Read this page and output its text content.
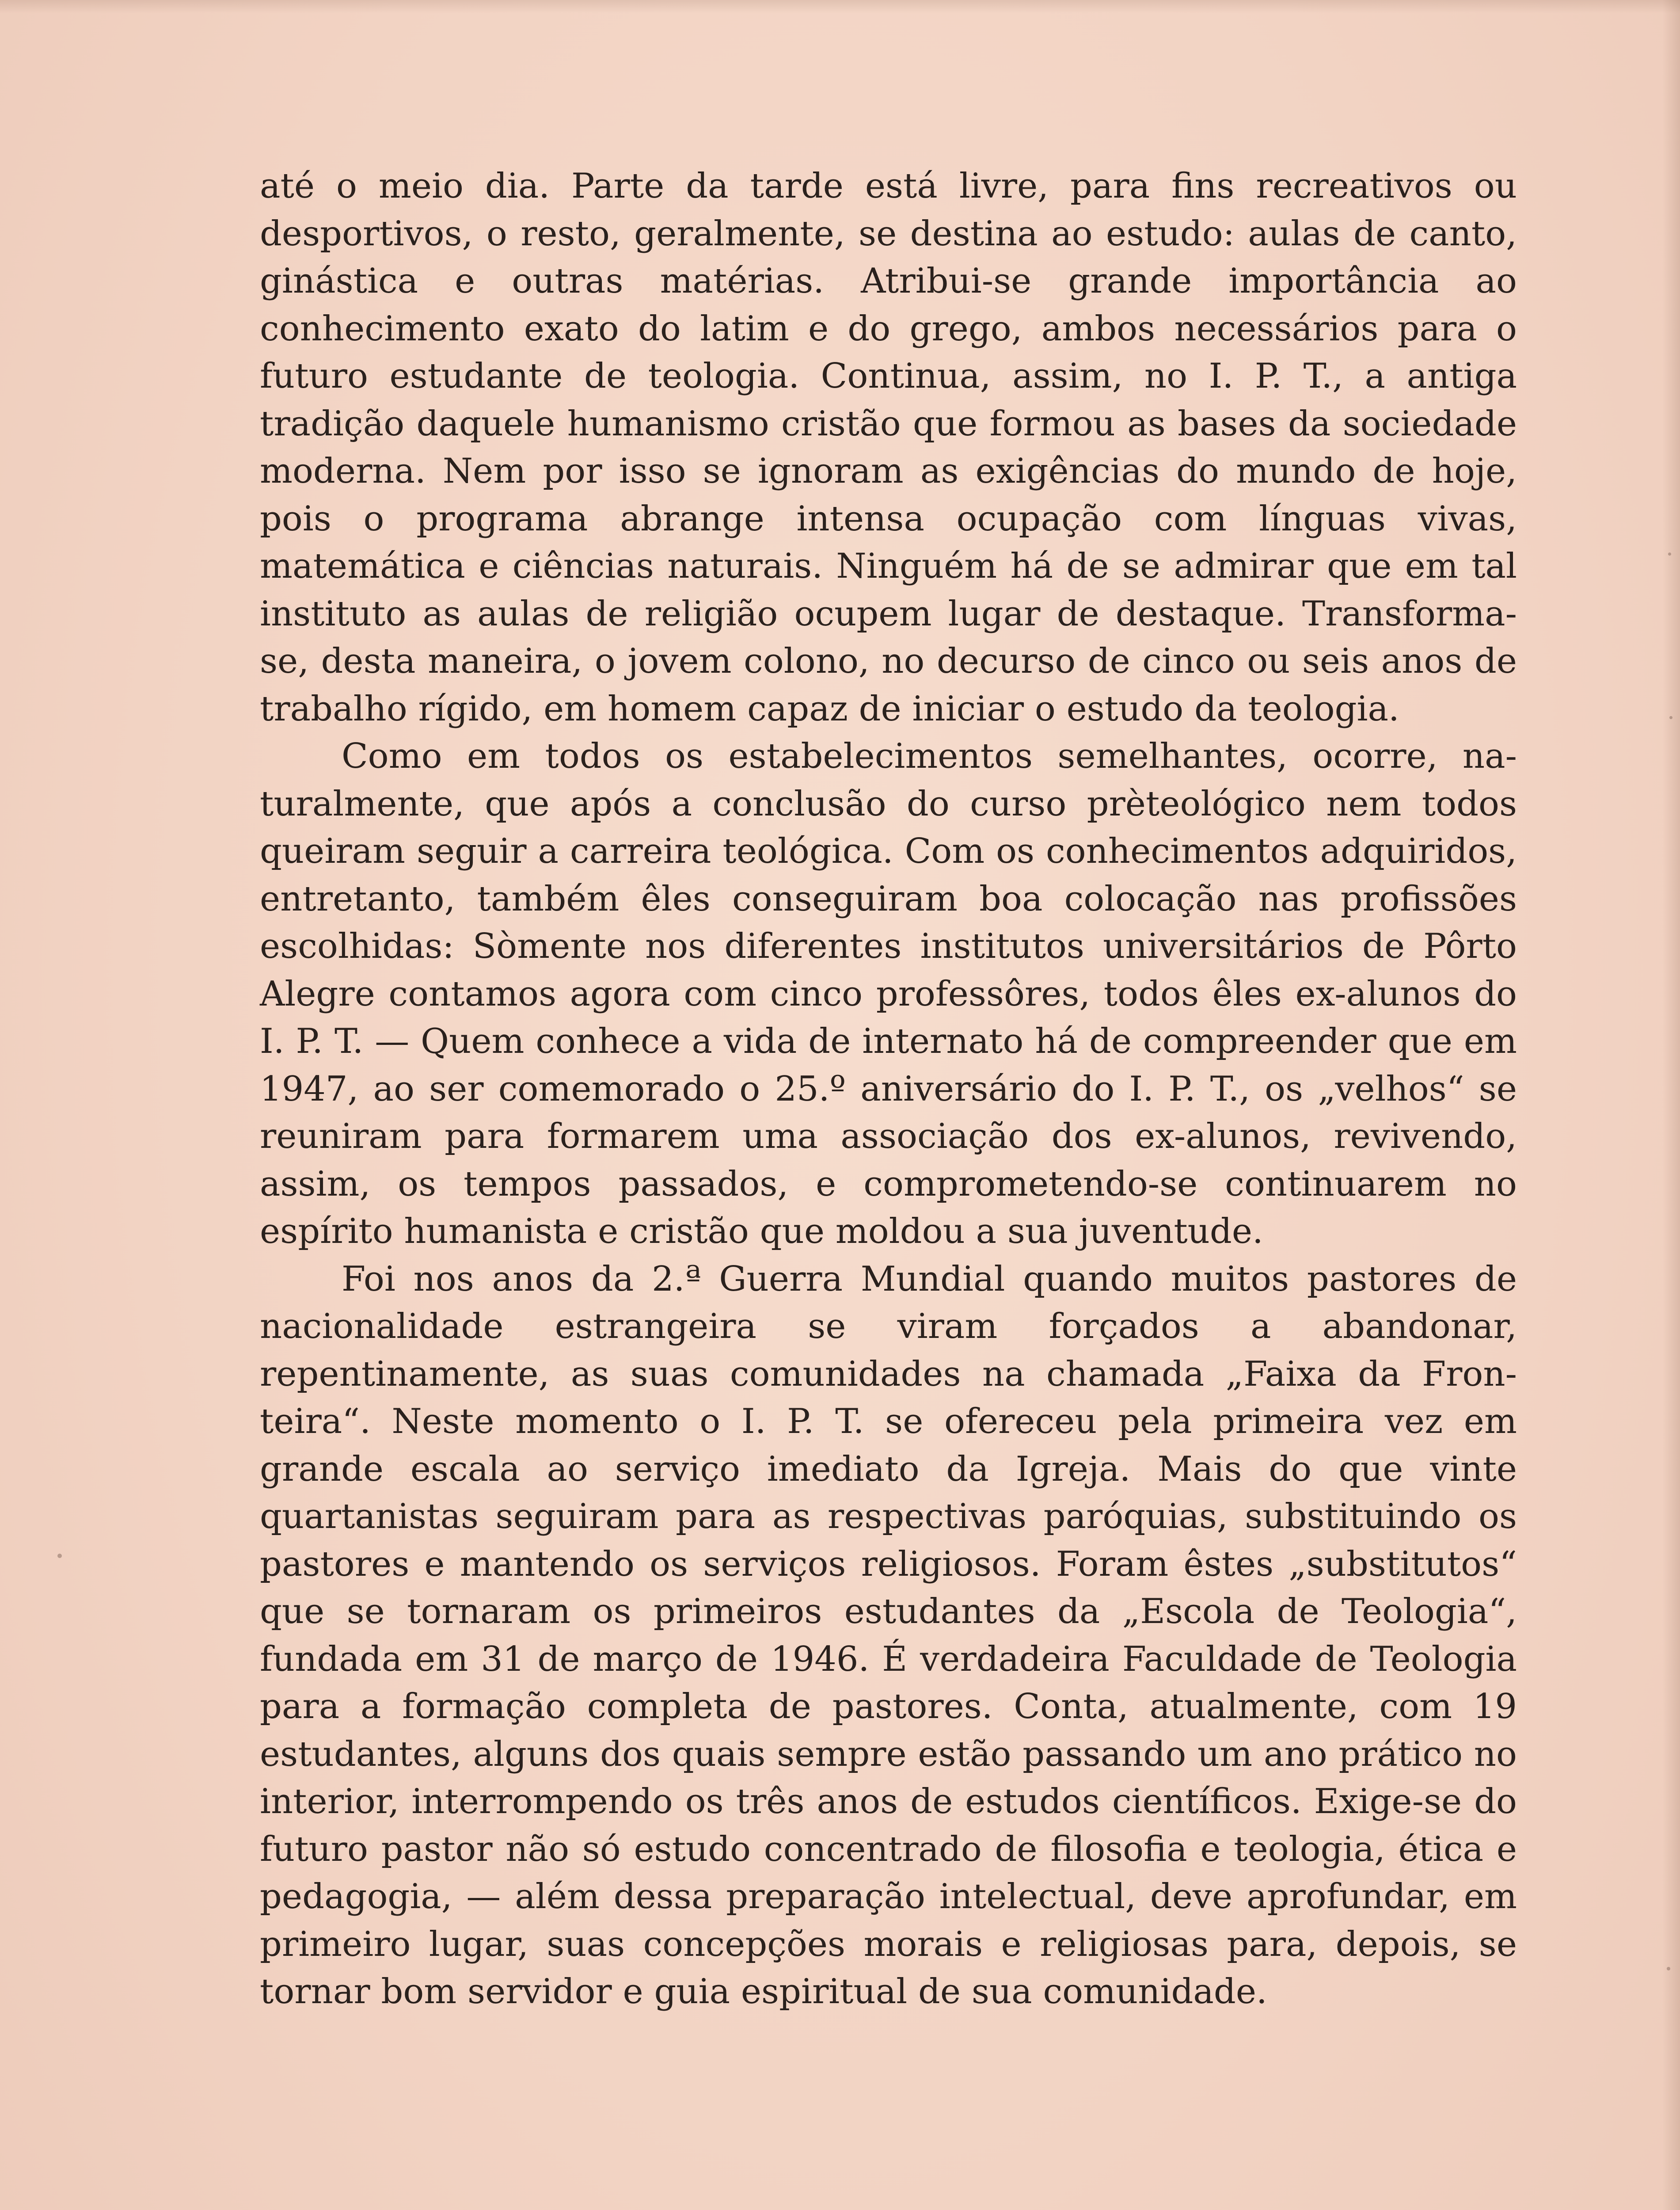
até o meio dia. Parte da tarde está livre, para fins recreativos ou desportivos, o resto, geralmente, se destina ao estudo: aulas de canto, ginástica e outras matérias. Atribui-se grande importância ao conhecimento exato do latim e do grego, ambos necessários para o futuro estudante de teologia. Continua, assim, no I. P. T., a antiga tradição daquele humanismo cristão que formou as bases da sociedade moderna. Nem por isso se ignoram as exigências do mundo de hoje, pois o programa abrange intensa ocupação com línguas vivas, matemática e ciências naturais. Ninguém há de se admirar que em tal instituto as aulas de religião ocupem lugar de destaque. Transforma-se, desta maneira, o jovem colono, no decurso de cinco ou seis anos de trabalho rígido, em homem capaz de iniciar o estudo da teologia.

Como em todos os estabelecimentos semelhantes, ocorre, naturalmente, que após a conclusão do curso prèteológico nem todos queiram seguir a carreira teológica. Com os conhecimentos adquiridos, entretanto, também êles conseguiram boa colocação nas profissões escolhidas: Sòmente nos diferentes institutos universitários de Pôrto Alegre contamos agora com cinco professôres, todos êles ex-alunos do I. P. T. — Quem conhece a vida de internato há de compreender que em 1947, ao ser comemorado o 25.º aniversário do I. P. T., os „velhos“ se reuniram para formarem uma associação dos ex-alunos, revivendo, assim, os tempos passados, e comprometendo-se continuarem no espírito humanista e cristão que moldou a sua juventude.

Foi nos anos da 2.ª Guerra Mundial quando muitos pastores de nacionalidade estrangeira se viram forçados a abandonar, repentinamente, as suas comunidades na chamada „Faixa da Fronteira“. Neste momento o I. P. T. se ofereceu pela primeira vez em grande escala ao serviço imediato da Igreja. Mais do que vinte quartanistas seguiram para as respectivas paróquias, substituindo os pastores e mantendo os serviços religiosos. Foram êstes „substitutos“ que se tornaram os primeiros estudantes da „Escola de Teologia“, fundada em 31 de março de 1946. É verdadeira Faculdade de Teologia para a formação completa de pastores. Conta, atualmente, com 19 estudantes, alguns dos quais sempre estão passando um ano prático no interior, interrompendo os três anos de estudos científicos. Exige-se do futuro pastor não só estudo concentrado de filosofia e teologia, ética e pedagogia, — além dessa preparação intelectual, deve aprofundar, em primeiro lugar, suas concepções morais e religiosas para, depois, se tornar bom servidor e guia espiritual de sua comunidade.
